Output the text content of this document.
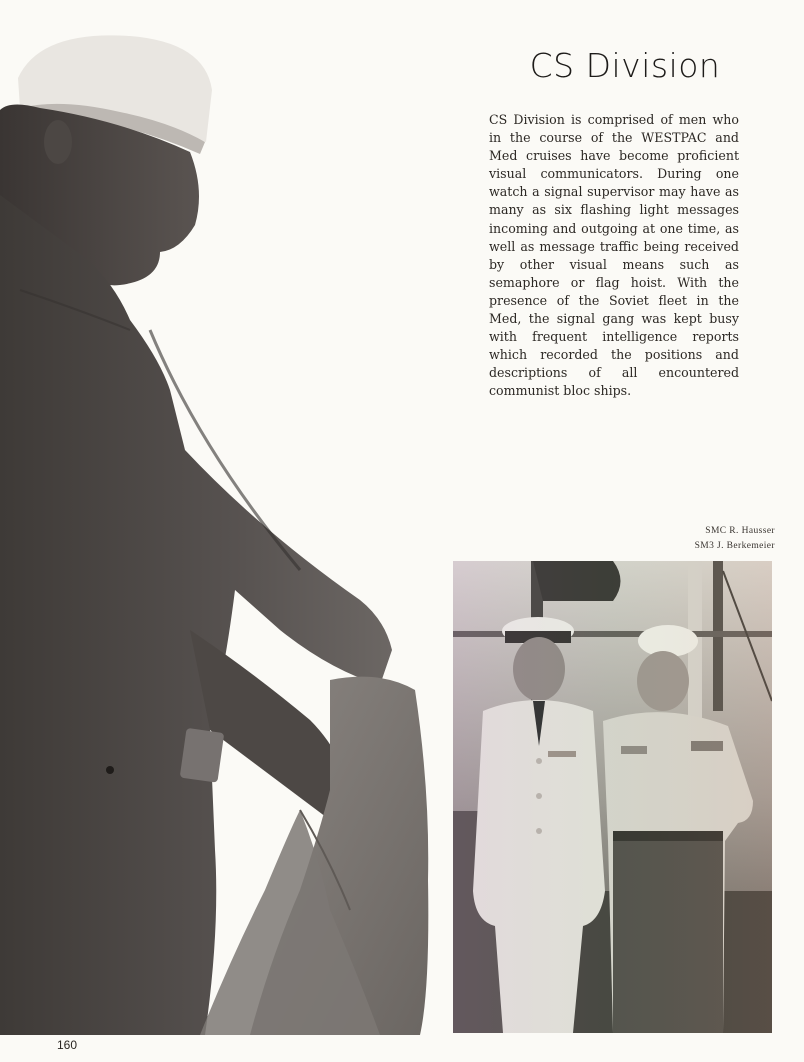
CS Division
CS Division is comprised of men who in the course of the WESTPAC and Med cruises have become proficient visual communicators. During one watch a signal supervisor may have as many as six flashing light messages incoming and outgoing at one time, as well as message traffic being received by other visual means such as semaphore or flag hoist. With the presence of the Soviet fleet in the Med, the signal gang was kept busy with frequent intelligence reports which recorded the positions and descriptions of all encountered communist bloc ships.
SMC R. Hausser
SM3 J. Berkemeier
160
